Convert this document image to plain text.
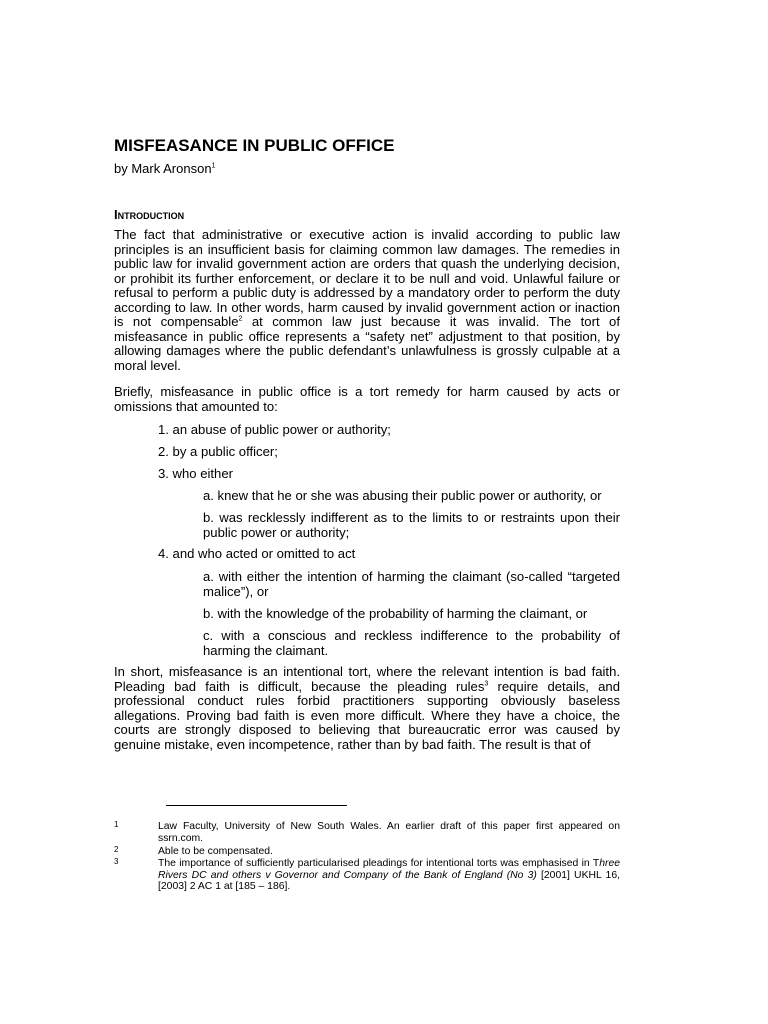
MISFEASANCE IN PUBLIC OFFICE
by Mark Aronson$^1$
Introduction
The fact that administrative or executive action is invalid according to public law principles is an insufficient basis for claiming common law damages. The remedies in public law for invalid government action are orders that quash the underlying decision, or prohibit its further enforcement, or declare it to be null and void. Unlawful failure or refusal to perform a public duty is addressed by a mandatory order to perform the duty according to law. In other words, harm caused by invalid government action or inaction is not compensable$^2$ at common law just because it was invalid. The tort of misfeasance in public office represents a “safety net” adjustment to that position, by allowing damages where the public defendant’s unlawfulness is grossly culpable at a moral level.
Briefly, misfeasance in public office is a tort remedy for harm caused by acts or omissions that amounted to:
1. an abuse of public power or authority;
2. by a public officer;
3. who either
a. knew that he or she was abusing their public power or authority, or
b. was recklessly indifferent as to the limits to or restraints upon their public power or authority;
4. and who acted or omitted to act
a. with either the intention of harming the claimant (so-called “targeted malice”), or
b. with the knowledge of the probability of harming the claimant, or
c. with a conscious and reckless indifference to the probability of harming the claimant.
In short, misfeasance is an intentional tort, where the relevant intention is bad faith. Pleading bad faith is difficult, because the pleading rules$^3$ require details, and professional conduct rules forbid practitioners supporting obviously baseless allegations. Proving bad faith is even more difficult. Where they have a choice, the courts are strongly disposed to believing that bureaucratic error was caused by genuine mistake, even incompetence, rather than by bad faith. The result is that of
1	Law Faculty, University of New South Wales. An earlier draft of this paper first appeared on ssrn.com.
2	Able to be compensated.
3	The importance of sufficiently particularised pleadings for intentional torts was emphasised in Three Rivers DC and others v Governor and Company of the Bank of England (No 3) [2001] UKHL 16, [2003] 2 AC 1 at [185 – 186].
